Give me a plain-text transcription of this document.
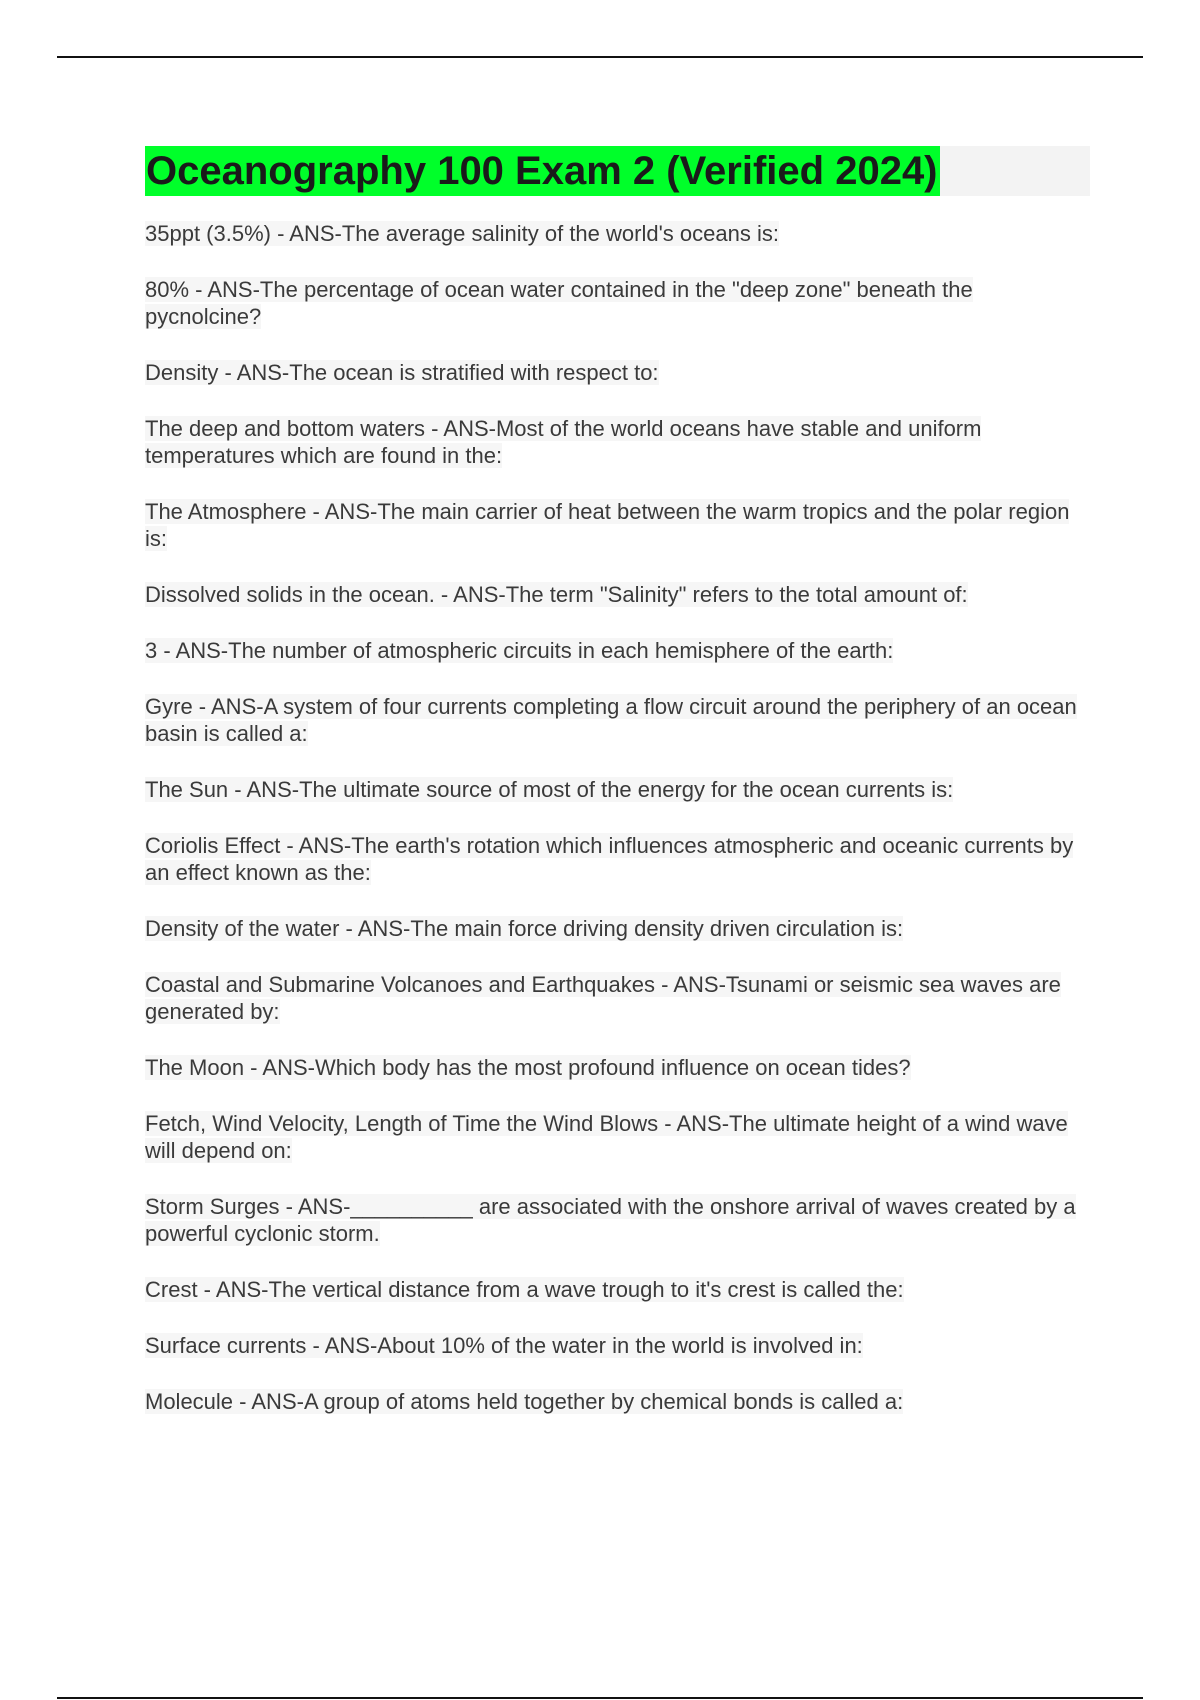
Oceanography 100 Exam 2 (Verified 2024)

35ppt (3.5%) - ANS-The average salinity of the world's oceans is:

80% - ANS-The percentage of ocean water contained in the "deep zone" beneath the pycnolcine?

Density - ANS-The ocean is stratified with respect to:

The deep and bottom waters - ANS-Most of the world oceans have stable and uniform temperatures which are found in the:

The Atmosphere - ANS-The main carrier of heat between the warm tropics and the polar region is:

Dissolved solids in the ocean. - ANS-The term "Salinity" refers to the total amount of:

3 - ANS-The number of atmospheric circuits in each hemisphere of the earth:

Gyre - ANS-A system of four currents completing a flow circuit around the periphery of an ocean basin is called a:

The Sun - ANS-The ultimate source of most of the energy for the ocean currents is:

Coriolis Effect - ANS-The earth's rotation which influences atmospheric and oceanic currents by an effect known as the:

Density of the water - ANS-The main force driving density driven circulation is:

Coastal and Submarine Volcanoes and Earthquakes - ANS-Tsunami or seismic sea waves are generated by:

The Moon - ANS-Which body has the most profound influence on ocean tides?

Fetch, Wind Velocity, Length of Time the Wind Blows - ANS-The ultimate height of a wind wave will depend on:

Storm Surges - ANS-__________ are associated with the onshore arrival of waves created by a powerful cyclonic storm.

Crest - ANS-The vertical distance from a wave trough to it's crest is called the:

Surface currents - ANS-About 10% of the water in the world is involved in:

Molecule - ANS-A group of atoms held together by chemical bonds is called a:
